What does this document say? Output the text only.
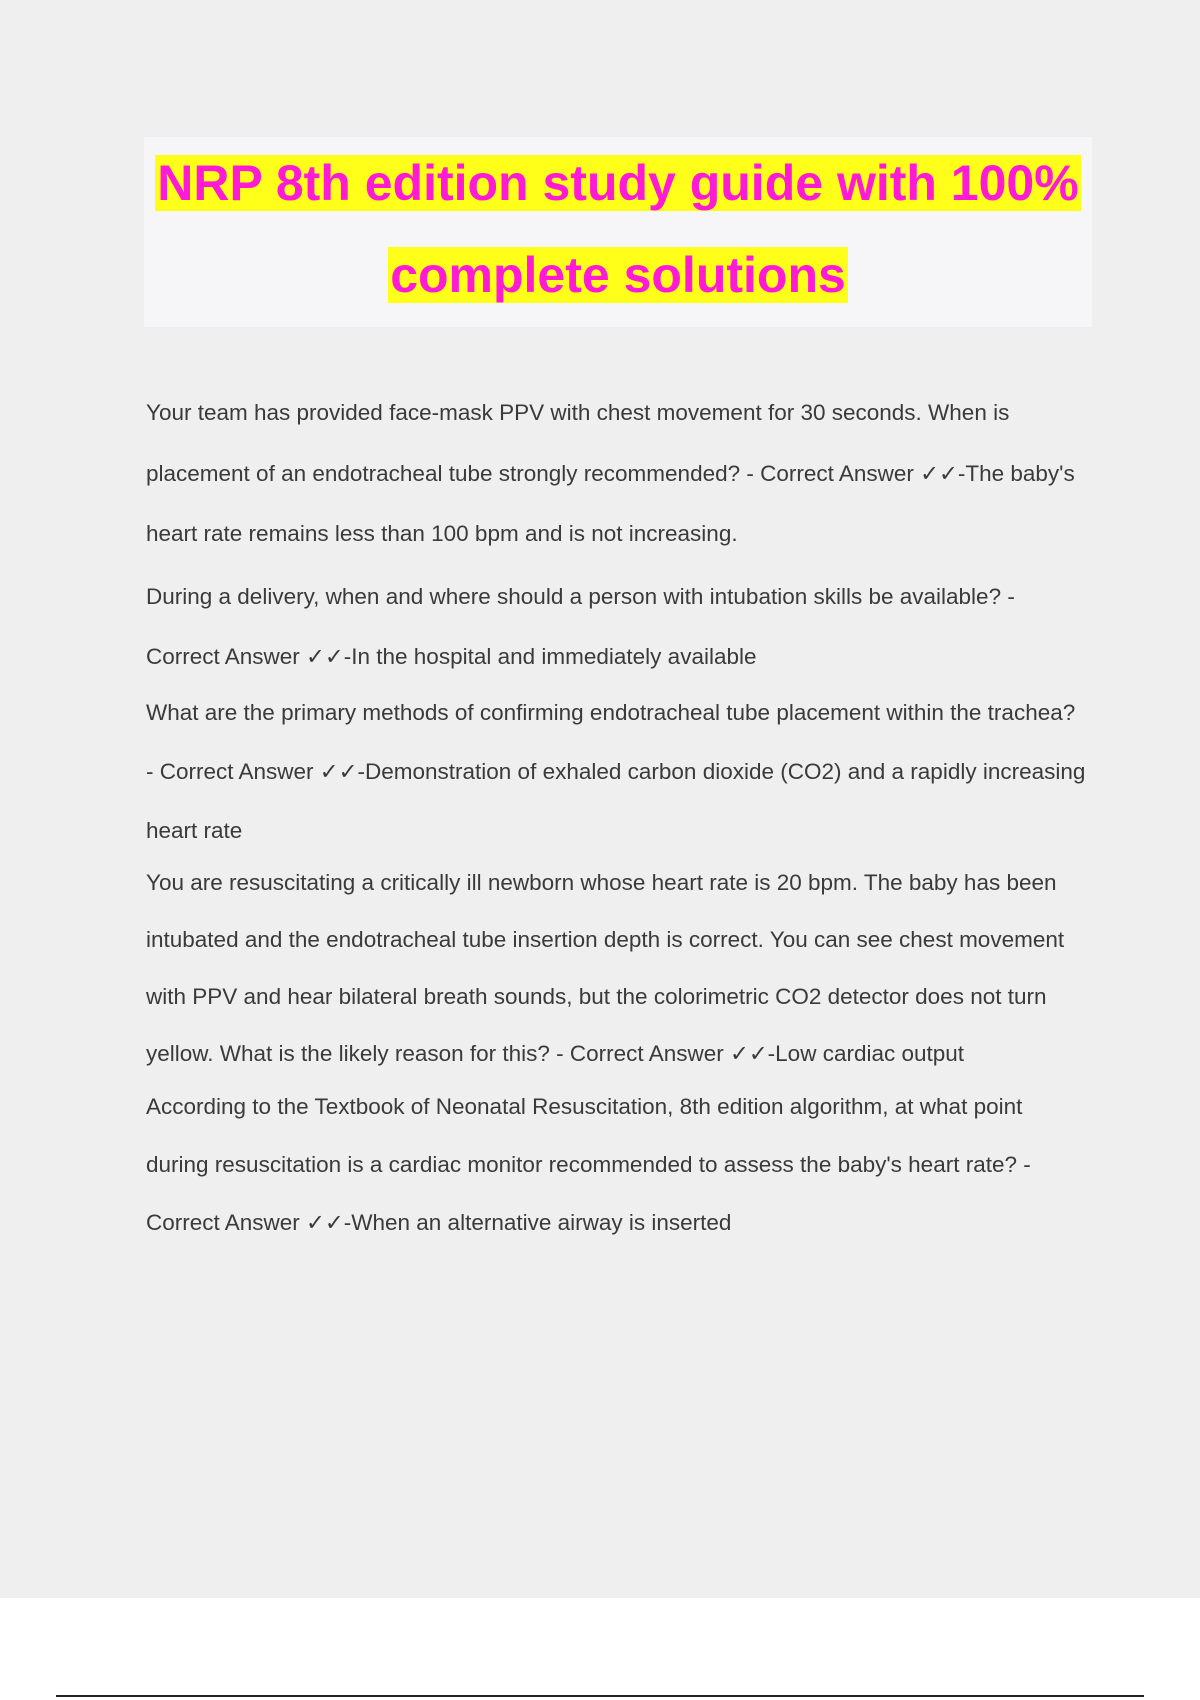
NRP 8th edition study guide with 100%
complete solutions

Your team has provided face-mask PPV with chest movement for 30 seconds. When is placement of an endotracheal tube strongly recommended? - Correct Answer ✓✓-The baby's heart rate remains less than 100 bpm and is not increasing.

During a delivery, when and where should a person with intubation skills be available? - Correct Answer ✓✓-In the hospital and immediately available

What are the primary methods of confirming endotracheal tube placement within the trachea? - Correct Answer ✓✓-Demonstration of exhaled carbon dioxide (CO2) and a rapidly increasing heart rate

You are resuscitating a critically ill newborn whose heart rate is 20 bpm. The baby has been intubated and the endotracheal tube insertion depth is correct. You can see chest movement with PPV and hear bilateral breath sounds, but the colorimetric CO2 detector does not turn yellow. What is the likely reason for this? - Correct Answer ✓✓-Low cardiac output

According to the Textbook of Neonatal Resuscitation, 8th edition algorithm, at what point during resuscitation is a cardiac monitor recommended to assess the baby's heart rate? - Correct Answer ✓✓-When an alternative airway is inserted
